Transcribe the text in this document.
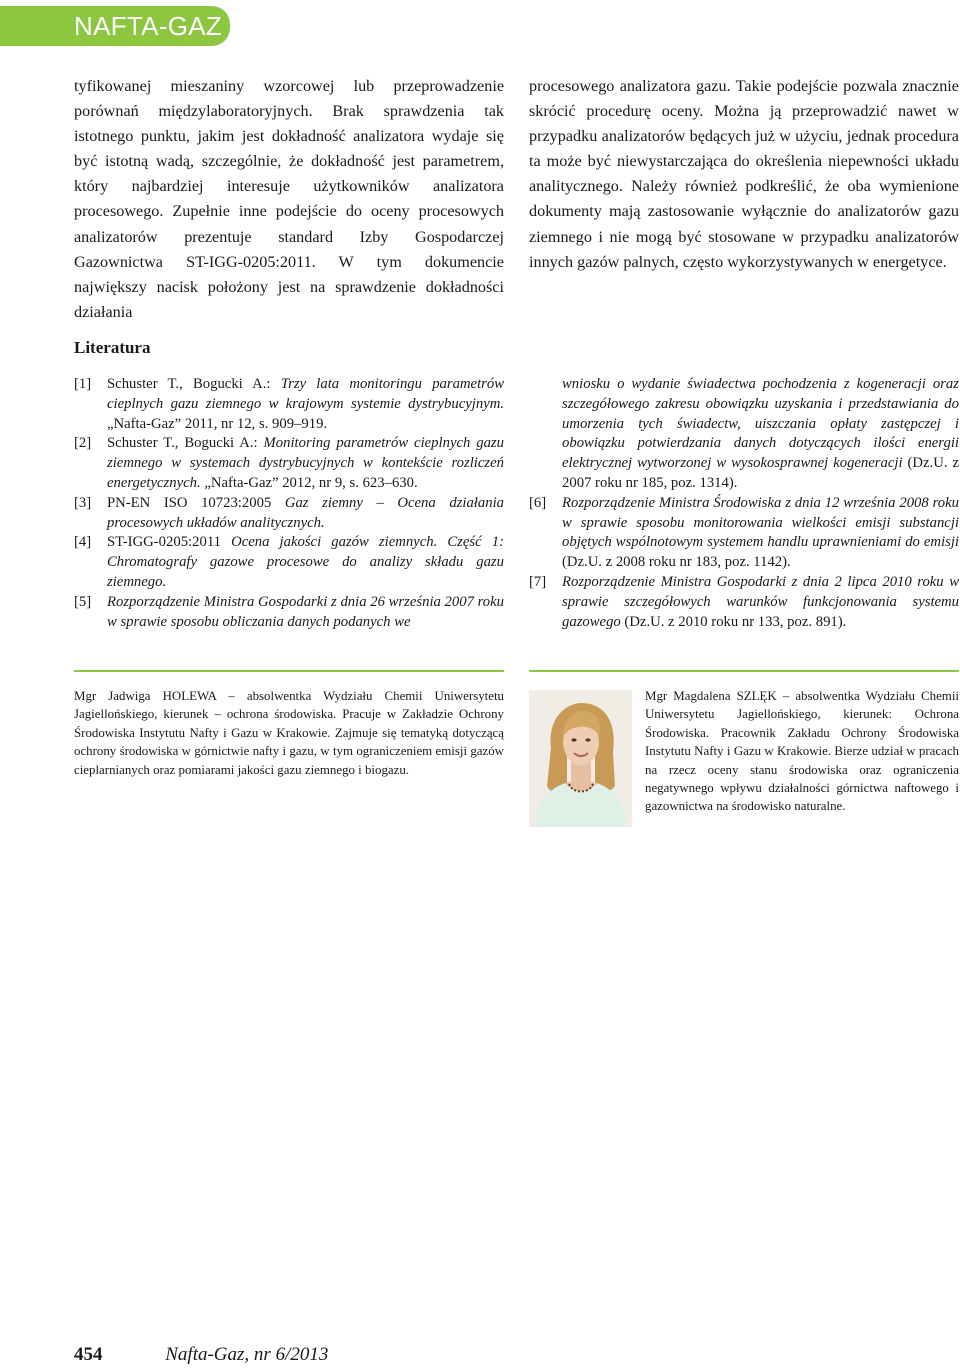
NAFTA-GAZ

tyfikowanej mieszaniny wzorcowej lub przeprowadzenie porównań międzylaboratoryjnych. Brak sprawdzenia tak istotnego punktu, jakim jest dokładność analizatora wydaje się być istotną wadą, szczególnie, że dokładność jest parametrem, który najbardziej interesuje użytkowników analizatora procesowego. Zupełnie inne podejście do oceny procesowych analizatorów prezentuje standard Izby Gospodarczej Gazownictwa ST-IGG-0205:2011. W tym dokumencie największy nacisk położony jest na sprawdzenie dokładności działania

procesowego analizatora gazu. Takie podejście pozwala znacznie skrócić procedurę oceny. Można ją przeprowadzić nawet w przypadku analizatorów będących już w użyciu, jednak procedura ta może być niewystarczająca do określenia niepewności układu analitycznego. Należy również podkreślić, że oba wymienione dokumenty mają zastosowanie wyłącznie do analizatorów gazu ziemnego i nie mogą być stosowane w przypadku analizatorów innych gazów palnych, często wykorzystywanych w energetyce.

Literatura
[1] Schuster T., Bogucki A.: Trzy lata monitoringu parametrów cieplnych gazu ziemnego w krajowym systemie dystrybucyjnym. „Nafta-Gaz” 2011, nr 12, s. 909–919.
[2] Schuster T., Bogucki A.: Monitoring parametrów cieplnych gazu ziemnego w systemach dystrybucyjnych w kontekście rozliczeń energetycznych. „Nafta-Gaz” 2012, nr 9, s. 623–630.
[3] PN-EN ISO 10723:2005 Gaz ziemny – Ocena działania procesowych układów analitycznych.
[4] ST-IGG-0205:2011 Ocena jakości gazów ziemnych. Część 1: Chromatografy gazowe procesowe do analizy składu gazu ziemnego.
[5] Rozporządzenie Ministra Gospodarki z dnia 26 września 2007 roku w sprawie sposobu obliczania danych podanych we
wniosku o wydanie świadectwa pochodzenia z kogeneracji oraz szczegółowego zakresu obowiązku uzyskania i przedstawiania do umorzenia tych świadectw, uiszczania opłaty zastępczej i obowiązku potwierdzania danych dotyczących ilości energii elektrycznej wytworzonej w wysokosprawnej kogeneracji (Dz.U. z 2007 roku nr 185, poz. 1314).
[6] Rozporządzenie Ministra Środowiska z dnia 12 września 2008 roku w sprawie sposobu monitorowania wielkości emisji substancji objętych wspólnotowym systemem handlu uprawnieniami do emisji (Dz.U. z 2008 roku nr 183, poz. 1142).
[7] Rozporządzenie Ministra Gospodarki z dnia 2 lipca 2010 roku w sprawie szczegółowych warunków funkcjonowania systemu gazowego (Dz.U. z 2010 roku nr 133, poz. 891).

Mgr Jadwiga HOLEWA – absolwentka Wydziału Chemii Uniwersytetu Jagiellońskiego, kierunek – ochrona środowiska. Pracuje w Zakładzie Ochrony Środowiska Instytutu Nafty i Gazu w Krakowie. Zajmuje się tematyką dotyczącą ochrony środowiska w górnictwie nafty i gazu, w tym ograniczeniem emisji gazów cieplarnianych oraz pomiarami jakości gazu ziemnego i biogazu.

Mgr Magdalena SZLĘK – absolwentka Wydziału Chemii Uniwersytetu Jagiellońskiego, kierunek: Ochrona Środowiska. Pracownik Zakładu Ochrony Środowiska Instytutu Nafty i Gazu w Krakowie. Bierze udział w pracach na rzecz oceny stanu środowiska oraz ograniczenia negatywnego wpływu działalności górnictwa naftowego i gazownictwa na środowisko naturalne.

454	Nafta-Gaz, nr 6/2013
